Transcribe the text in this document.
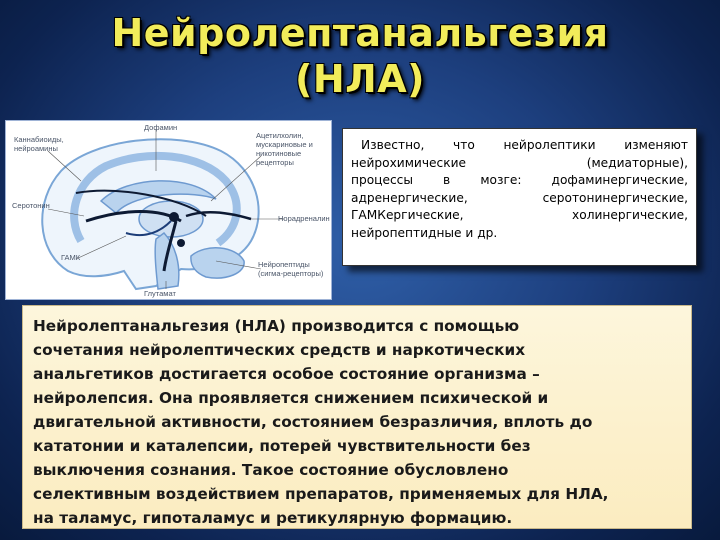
Нейролептанальгезия
(НЛА)
Каннабиоиды,
нейроамины
Дофамин
Ацетилхолин,
мускариновые и
никотиновые
рецепторы
Серотонин
Норадреналин
ГАМК
Нейропептиды
(сигма-рецепторы)
Глутамат
Известно, что нейролептики изменяют
нейрохимические (медиаторные),
процессы в мозге: дофаминергические,
адренергические, серотонинергические,
ГАМКергические, холинергические,
нейропептидные и др.
Нейролептанальгезия (НЛА) производится с помощью
сочетания нейролептических средств и наркотических
анальгетиков достигается особое состояние организма –
нейролепсия. Она проявляется снижением психической и
двигательной активности, состоянием безразличия, вплоть до
кататонии и каталепсии, потерей чувствительности без
выключения сознания. Такое состояние обусловлено
селективным воздействием препаратов, применяемых для НЛА,
на таламус, гипоталамус и ретикулярную формацию.
